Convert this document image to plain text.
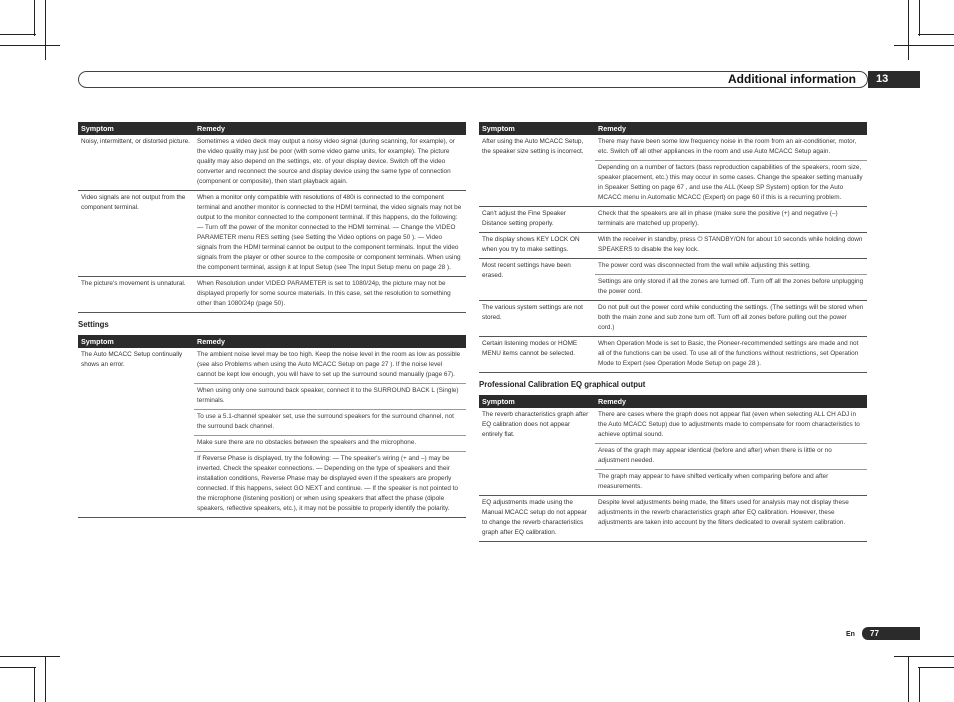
Additional information	13
Symptom	Remedy
Noisy, intermittent, or distorted picture.	Sometimes a video deck may output a noisy video signal (during scanning, for example), or the video quality may just be poor (with some video game units, for example). The picture quality may also depend on the settings, etc. of your display device. Switch off the video converter and reconnect the source and display device using the same type of connection (component or composite), then start playback again.
Video signals are not output from the component terminal.	When a monitor only compatible with resolutions of 480i is connected to the component terminal and another monitor is connected to the HDMI terminal, the video signals may not be output to the monitor connected to the component terminal. If this happens, do the following: — Turn off the power of the monitor connected to the HDMI terminal. — Change the VIDEO PARAMETER menu RES setting (see Setting the Video options on page 50 ). — Video signals from the HDMI terminal cannot be output to the component terminals. Input the video signals from the player or other source to the composite or component terminals. When using the component terminal, assign it at Input Setup (see The Input Setup menu on page 28 ).
The picture's movement is unnatural.	When Resolution under VIDEO PARAMETER is set to 1080/24p, the picture may not be displayed properly for some source materials. In this case, set the resolution to something other than 1080/24p (page 50).
Settings
Symptom	Remedy
The Auto MCACC Setup continually shows an error.	The ambient noise level may be too high. Keep the noise level in the room as low as possible (see also Problems when using the Auto MCACC Setup on page 27 ). If the noise level cannot be kept low enough, you will have to set up the surround sound manually (page 67).
	When using only one surround back speaker, connect it to the SURROUND BACK L (Single) terminals.
	To use a 5.1-channel speaker set, use the surround speakers for the surround channel, not the surround back channel.
	Make sure there are no obstacles between the speakers and the microphone.
	If Reverse Phase is displayed, try the following: — The speaker's wiring (+ and –) may be inverted. Check the speaker connections. — Depending on the type of speakers and their installation conditions, Reverse Phase may be displayed even if the speakers are properly connected. If this happens, select GO NEXT and continue. — If the speaker is not pointed to the microphone (listening position) or when using speakers that affect the phase (dipole speakers, reflective speakers, etc.), it may not be possible to properly identify the polarity.
Symptom	Remedy
After using the Auto MCACC Setup, the speaker size setting is incorrect.	There may have been some low frequency noise in the room from an air-conditioner, motor, etc. Switch off all other appliances in the room and use Auto MCACC Setup again.
	Depending on a number of factors (bass reproduction capabilities of the speakers, room size, speaker placement, etc.) this may occur in some cases. Change the speaker setting manually in Speaker Setting on page 67 , and use the ALL (Keep SP System) option for the Auto MCACC menu in Automatic MCACC (Expert) on page 60 if this is a recurring problem.
Can't adjust the Fine Speaker Distance setting properly.	Check that the speakers are all in phase (make sure the positive (+) and negative (–) terminals are matched up properly).
The display shows KEY LOCK ON when you try to make settings.	With the receiver in standby, press ⏻ STANDBY/ON for about 10 seconds while holding down SPEAKERS to disable the key lock.
Most recent settings have been erased.	The power cord was disconnected from the wall while adjusting this setting.
	Settings are only stored if all the zones are turned off. Turn off all the zones before unplugging the power cord.
The various system settings are not stored.	Do not pull out the power cord while conducting the settings. (The settings will be stored when both the main zone and sub zone turn off. Turn off all zones before pulling out the power cord.)
Certain listening modes or HOME MENU items cannot be selected.	When Operation Mode is set to Basic, the Pioneer-recommended settings are made and not all of the functions can be used. To use all of the functions without restrictions, set Operation Mode to Expert (see Operation Mode Setup on page 28 ).
Professional Calibration EQ graphical output
Symptom	Remedy
The reverb characteristics graph after EQ calibration does not appear entirely flat.	There are cases where the graph does not appear flat (even when selecting ALL CH ADJ in the Auto MCACC Setup) due to adjustments made to compensate for room characteristics to achieve optimal sound.
	Areas of the graph may appear identical (before and after) when there is little or no adjustment needed.
	The graph may appear to have shifted vertically when comparing before and after measurements.
EQ adjustments made using the Manual MCACC setup do not appear to change the reverb characteristics graph after EQ calibration.	Despite level adjustments being made, the filters used for analysis may not display these adjustments in the reverb characteristics graph after EQ calibration. However, these adjustments are taken into account by the filters dedicated to overall system calibration.
En	77
